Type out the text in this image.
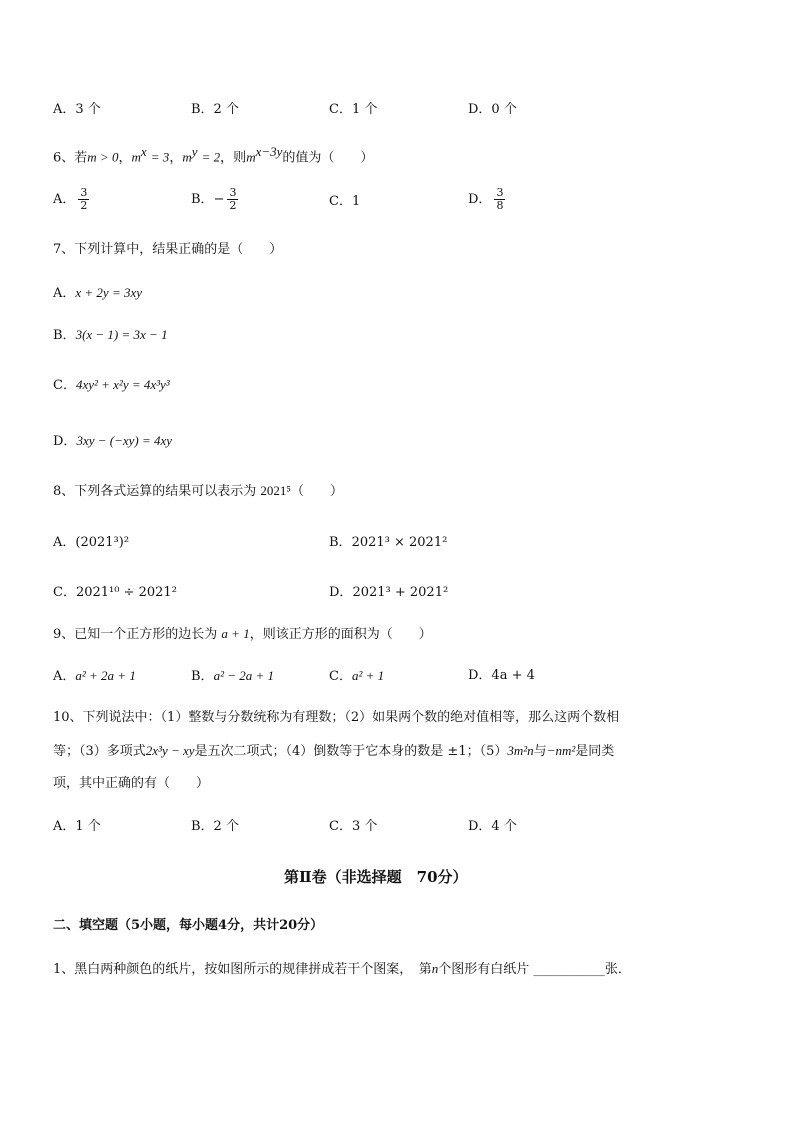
A．3 个	B．2 个	C．1 个	D．0 个
6、若m > 0，$m^x = 3$，$m^y = 2$，则$m^{x-3y}$的值为（　　）
A． $\frac{3}{2}$	B．− $\frac{3}{2}$	C．1	D． $\frac{3}{8}$
7、下列计算中，结果正确的是（　　）
A．x + 2y = 3xy
B．3(x − 1) = 3x − 1
C．4xy² + x²y = 4x³y³
D．3xy − (−xy) = 4xy
8、下列各式运算的结果可以表示为 2021⁵（　　）
A．(2021³)²	B．2021³ × 2021²
C．2021¹⁰ ÷ 2021²	D．2021³ + 2021²
9、已知一个正方形的边长为 a + 1，则该正方形的面积为（　　）
A．a² + 2a + 1	B．a² − 2a + 1	C．a² + 1	D．4a + 4
10、下列说法中：（1）整数与分数统称为有理数；（2）如果两个数的绝对值相等，那么这两个数相
等；（3）多项式2x³y − xy是五次二项式；（4）倒数等于它本身的数是 ±1；（5）3m²n与−nm²是同类
项，其中正确的有（　　）
A．1 个	B．2 个	C．3 个	D．4 个
第Ⅱ卷（非选择题　70分）
二、填空题（5小题，每小题4分，共计20分）
1、黑白两种颜色的纸片，按如图所示的规律拼成若干个图案，　第n个图形有白纸片 ___________张．
